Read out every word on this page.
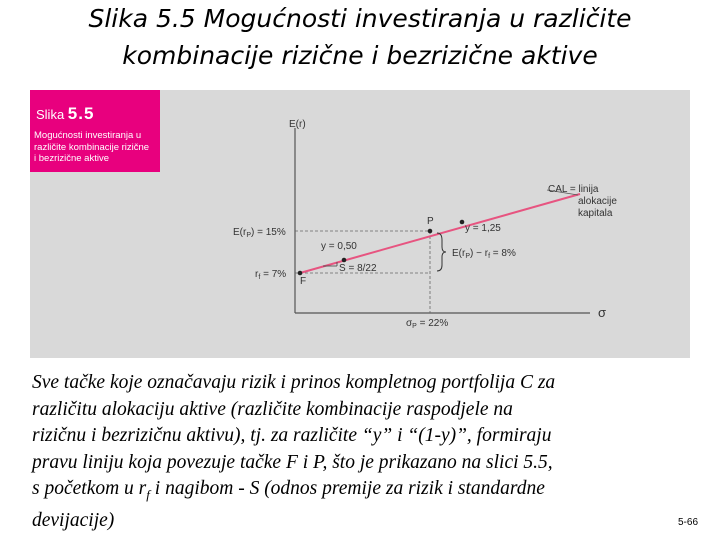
Slika 5.5 Mogućnosti investiranja u različite
kombinacije rizične i bezrizične aktive
Slika 5.5
Mogućnosti investiranja u
različite kombinacije rizične
i bezrizične aktive
E(r)
σ
P
F
$E(r_P) = 15\%$
$r_f = 7\%$
y = 1,25
y = 0,50
S = 8/22
$E(r_P) - r_f = 8\%$
$\sigma_P = 22\%$
CAL = linija
alokacije
kapitala
Sve tačke koje označavaju rizik i prinos kompletnog portfolija C za
različitu alokaciju aktive (različite kombinacije raspodjele na
rizičnu i bezrizičnu aktivu), tj. za različite “y” i “(1-y)”, formiraju
pravu liniju koja povezuje tačke F i P, što je prikazano na slici 5.5,
s početkom u $r_f$ i nagibom - S (odnos premije za rizik i standardne
devijacije)	5-66
